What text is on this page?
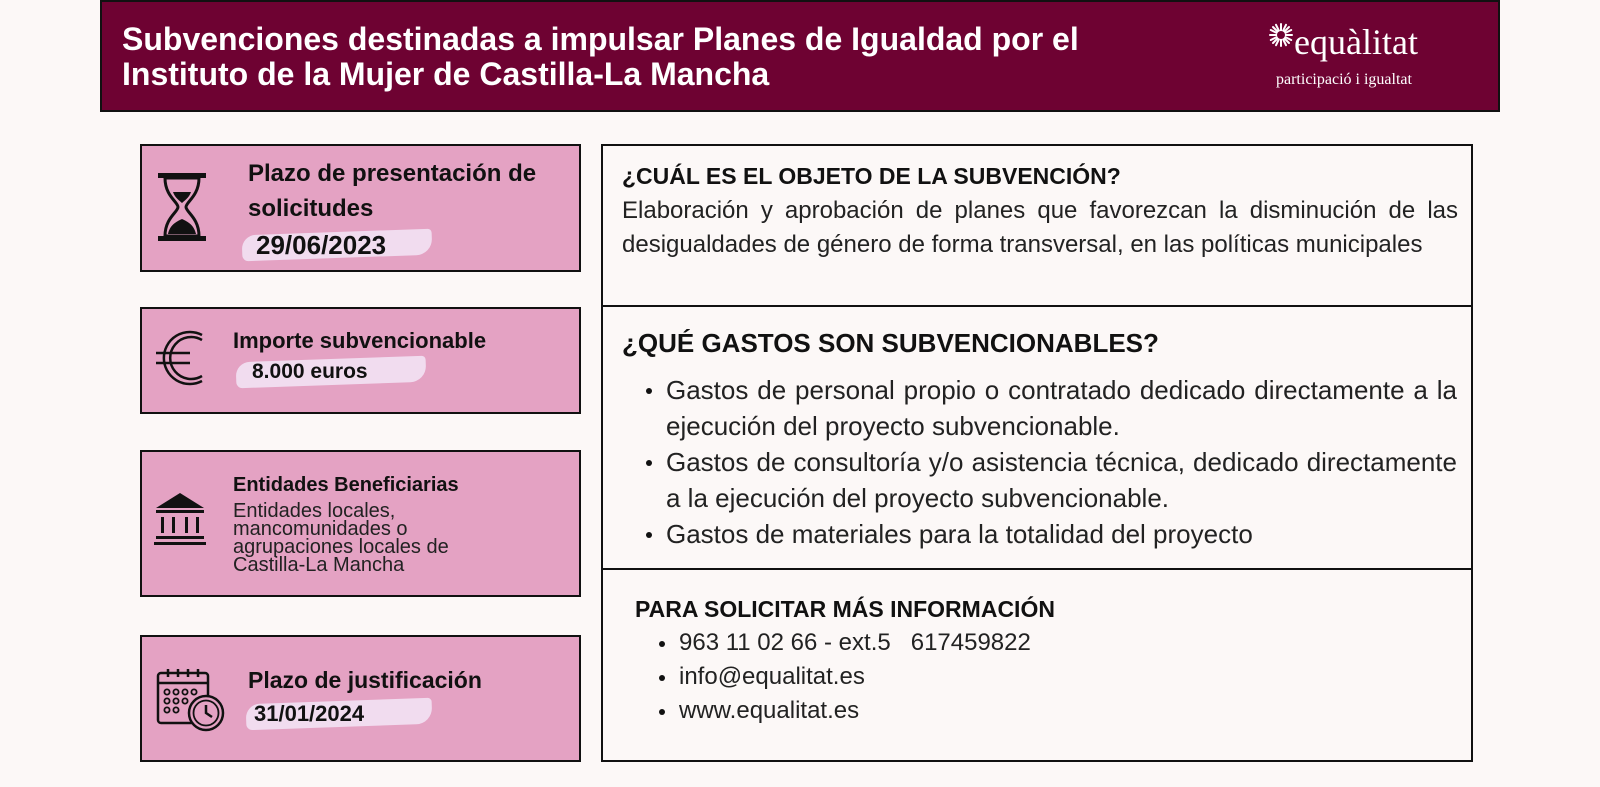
Subvenciones destinadas a impulsar Planes de Igualdad por el Instituto de la Mujer de Castilla-La Mancha
equàlitat
participació i igualtat
Plazo de presentación de solicitudes
29/06/2023
Importe subvencionable
8.000 euros
Entidades Beneficiarias
Entidades locales, mancomunidades o agrupaciones locales de Castilla-La Mancha
Plazo de justificación
31/01/2024
¿CUÁL ES EL OBJETO DE LA SUBVENCIÓN?
Elaboración y aprobación de planes que favorezcan la disminución de las desigualdades de género de forma transversal, en las políticas municipales
¿QUÉ GASTOS SON SUBVENCIONABLES?
Gastos de personal propio o contratado dedicado directamente a la ejecución del proyecto subvencionable.
Gastos de consultoría y/o asistencia técnica, dedicado directamente a la ejecución del proyecto subvencionable.
Gastos de materiales para la totalidad del proyecto
PARA SOLICITAR MÁS INFORMACIÓN
963 11 02 66 - ext.5   617459822
info@equalitat.es
www.equalitat.es
